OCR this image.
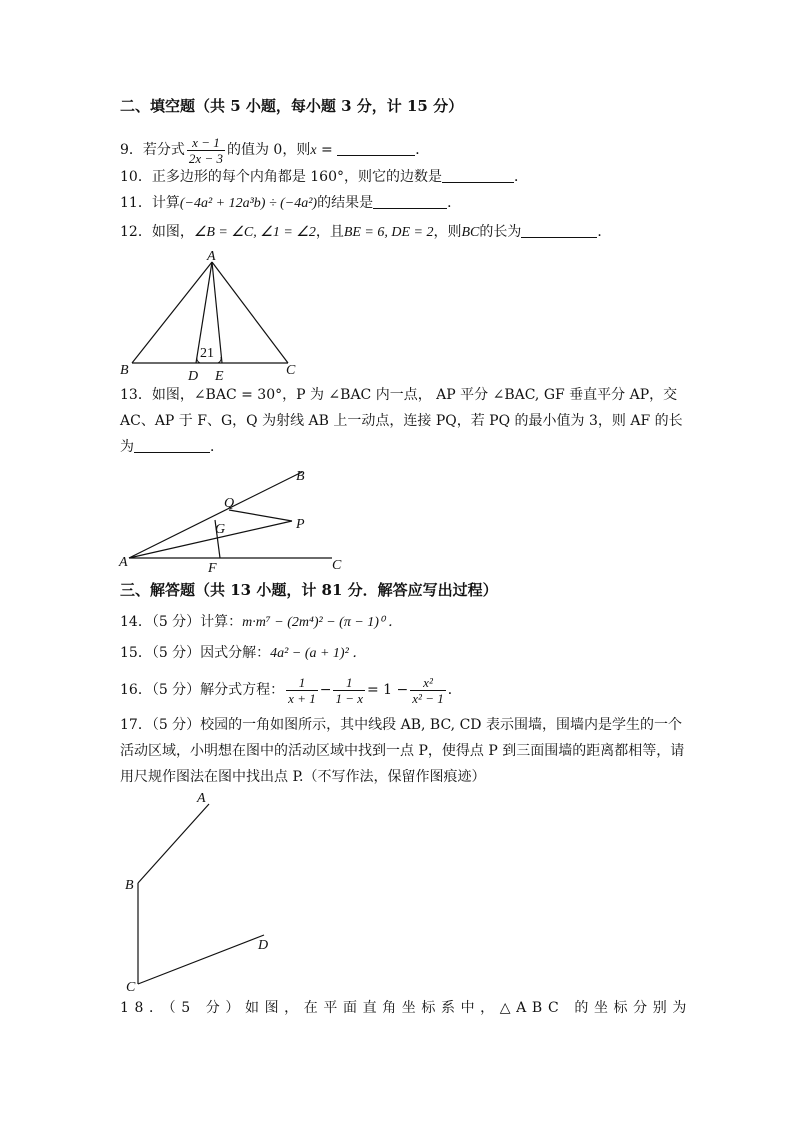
二、填空题（共 5 小题，每小题 3 分，计 15 分）
9．若分式 $\frac{x - 1}{2x - 3}$ 的值为 0，则x =	．
10．正多边形的每个内角都是 160°，则它的边数是	．
11．计算(−4a² + 12a³b) ÷ (−4a²)的结果是	．
12．如图，∠B = ∠C, ∠1 = ∠2，且BE = 6, DE = 2，则BC的长为	．
A
B	C
D E
21
13．如图，∠BAC = 30°，P 为 ∠BAC 内一点， AP 平分 ∠BAC, GF 垂直平分 AP，交
AC、AP 于 F、G，Q 为射线 AB 上一动点，连接 PQ，若 PQ 的最小值为 3，则 AF 的长
为	．
B
Q
P
G
A	F	C
三、解答题（共 13 小题，计 81 分．解答应写出过程）
14．（5 分）计算：m·m⁷ − (2m⁴)² − (π − 1)⁰ ．
15．（5 分）因式分解：4a² − (a + 1)² ．
16．（5 分）解分式方程： $\frac{1}{x + 1} - \frac{1}{1 - x} = 1 - \frac{\text{x²}}{\text{x² − 1}}$ ．
17．（5 分）校园的一角如图所示，其中线段 AB, BC, CD 表示围墙，围墙内是学生的一个
活动区域，小明想在图中的活动区域中找到一点 P，使得点 P 到三面围墙的距离都相等，请
用尺规作图法在图中找出点 P.（不写作法，保留作图痕迹）
A
B
D
C
18．（5 分）如图，在平面直角坐标系中，△ABC 的坐标分别为
